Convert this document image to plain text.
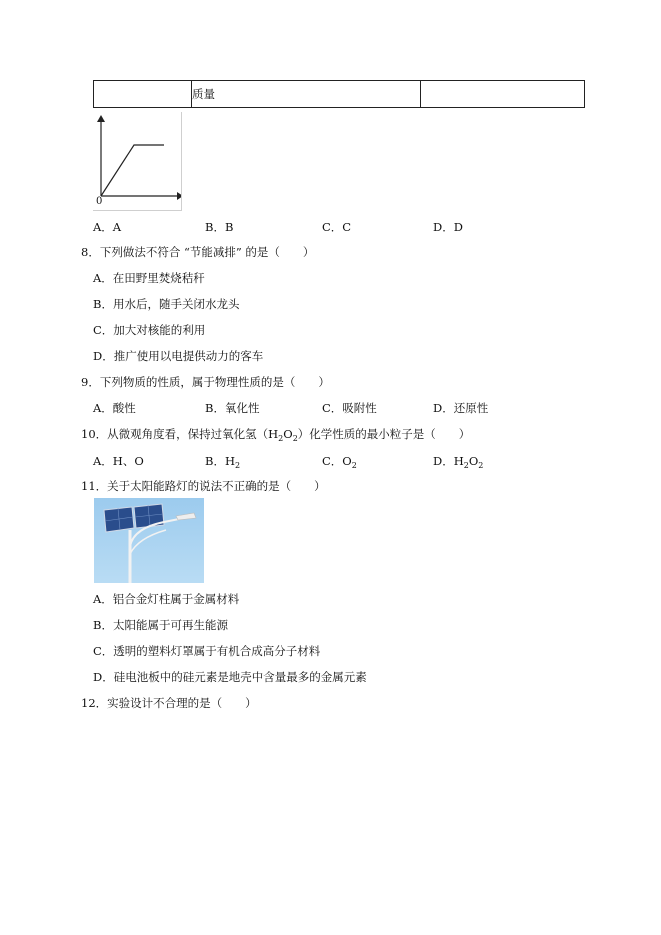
	质量	
0
A．A	B．B	C．C	D．D
8．下列做法不符合 “节能减排” 的是（　　）
A．在田野里焚烧秸秆
B．用水后，随手关闭水龙头
C．加大对核能的利用
D．推广使用以电提供动力的客车
9．下列物质的性质，属于物理性质的是（　　）
A．酸性	B．氧化性	C．吸附性	D．还原性
10．从微观角度看，保持过氧化氢$(H_2O_2)$化学性质的最小粒子是（　　）
A．H、O	B．$H_2$	C．$O_2$	D．$H_2O_2$
11．关于太阳能路灯的说法不正确的是（　　）
A．铝合金灯柱属于金属材料
B．太阳能属于可再生能源
C．透明的塑料灯罩属于有机合成高分子材料
D．硅电池板中的硅元素是地壳中含量最多的金属元素
12．实验设计不合理的是（　　）
